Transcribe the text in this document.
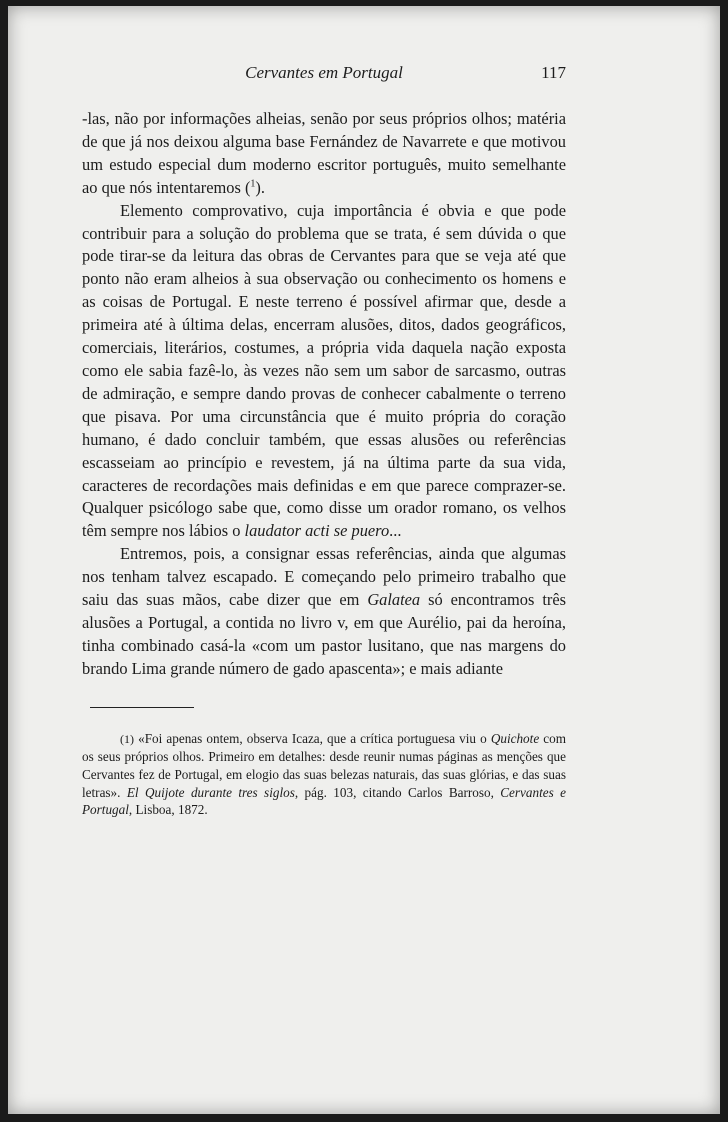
Cervantes em Portugal	117

-las, não por informações alheias, senão por seus próprios olhos; matéria de que já nos deixou alguma base Fernández de Navarrete e que motivou um estudo especial dum moderno escritor português, muito semelhante ao que nós intentaremos ($^1$).

Elemento comprovativo, cuja importância é obvia e que pode contribuir para a solução do problema que se trata, é sem dúvida o que pode tirar-se da leitura das obras de Cervantes para que se veja até que ponto não eram alheios à sua observação ou conhecimento os homens e as coisas de Portugal. E neste terreno é possível afirmar que, desde a primeira até à última delas, encerram alusões, ditos, dados geográficos, comerciais, literários, costumes, a própria vida daquela nação exposta como ele sabia fazê-lo, às vezes não sem um sabor de sarcasmo, outras de admiração, e sempre dando provas de conhecer cabalmente o terreno que pisava. Por uma circunstância que é muito própria do coração humano, é dado concluir também, que essas alusões ou referências escasseiam ao princípio e revestem, já na última parte da sua vida, caracteres de recordações mais definidas e em que parece comprazer-se. Qualquer psicólogo sabe que, como disse um orador romano, os velhos têm sempre nos lábios o laudator acti se puero...

Entremos, pois, a consignar essas referências, ainda que algumas nos tenham talvez escapado. E começando pelo primeiro trabalho que saiu das suas mãos, cabe dizer que em Galatea só encontramos três alusões a Portugal, a contida no livro v, em que Aurélio, pai da heroína, tinha combinado casá-la «com um pastor lusitano, que nas margens do brando Lima grande número de gado apascenta»; e mais adiante

(1) «Foi apenas ontem, observa Icaza, que a crítica portuguesa viu o Quichote com os seus próprios olhos. Primeiro em detalhes: desde reunir numas páginas as menções que Cervantes fez de Portugal, em elogio das suas belezas naturais, das suas glórias, e das suas letras». El Quijote durante tres siglos, pág. 103, citando Carlos Barroso, Cervantes e Portugal, Lisboa, 1872.
